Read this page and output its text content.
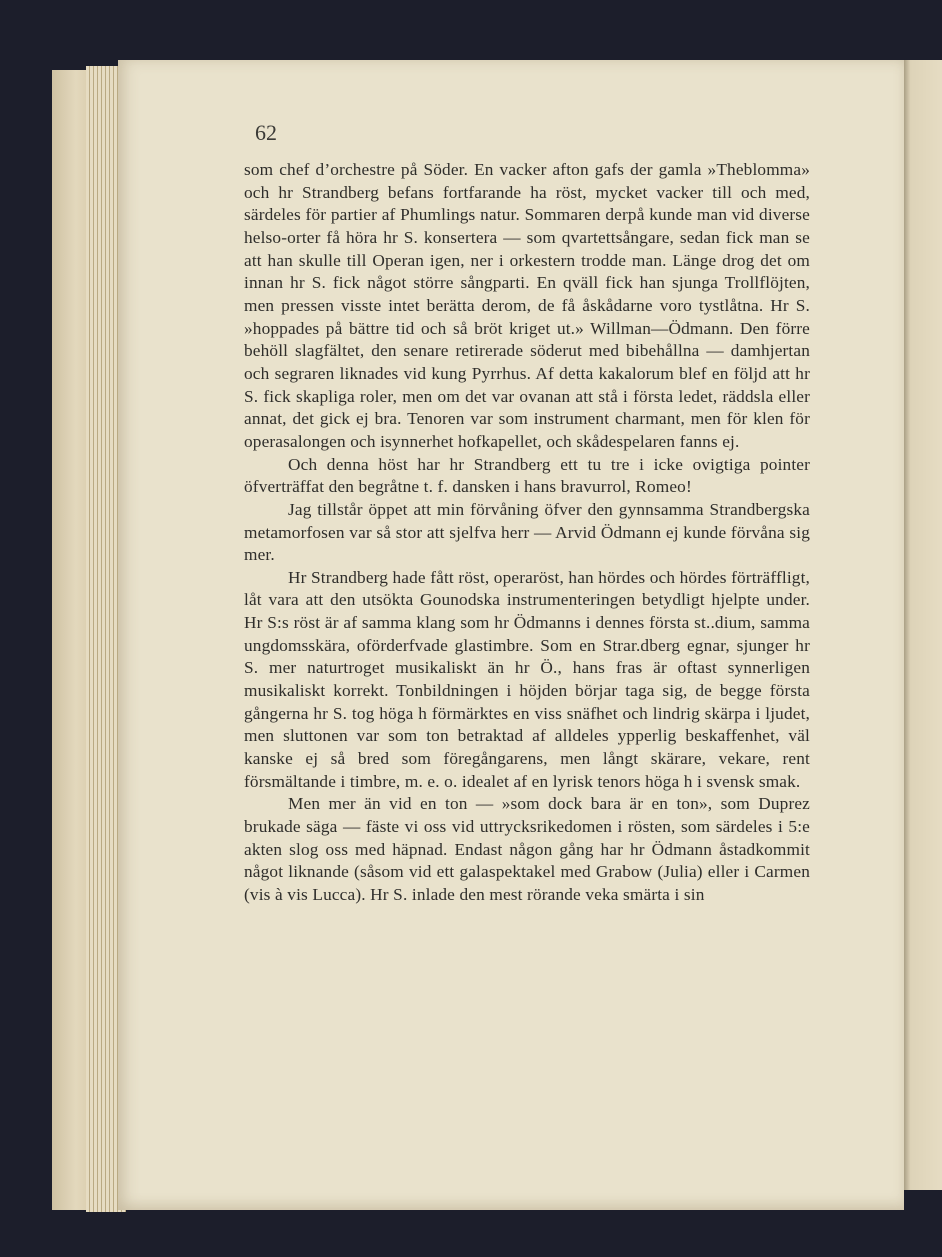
62

som chef d’orchestre på Söder. En vacker afton gafs der gamla »Theblomma» och hr Strandberg befans fortfarande ha röst, mycket vacker till och med, särdeles för partier af Phumlings natur. Sommaren derpå kunde man vid diverse helso-orter få höra hr S. konsertera — som qvartettsångare, sedan fick man se att han skulle till Operan igen, ner i orkestern trodde man. Länge drog det om innan hr S. fick något större sångparti. En qväll fick han sjunga Trollflöjten, men pressen visste intet berätta derom, de få åskådarne voro tystlåtna. Hr S. »hoppades på bättre tid och så bröt kriget ut.» Willman—Ödmann. Den förre behöll slagfältet, den senare retirerade söderut med bibehållna — damhjertan och segraren liknades vid kung Pyrrhus. Af detta kakalorum blef en följd att hr S. fick skapliga roler, men om det var ovanan att stå i första ledet, räddsla eller annat, det gick ej bra. Tenoren var som instrument charmant, men för klen för operasalongen och isynnerhet hofkapellet, och skådespelaren fanns ej.

Och denna höst har hr Strandberg ett tu tre i icke ovigtiga pointer öfverträffat den begråtne t. f. dansken i hans bravurrol, Romeo!

Jag tillstår öppet att min förvåning öfver den gynnsamma Strandbergska metamorfosen var så stor att sjelfva herr — Arvid Ödmann ej kunde förvåna sig mer.

Hr Strandberg hade fått röst, operaröst, han hördes och hördes förträffligt, låt vara att den utsökta Gounodska instrumenteringen betydligt hjelpte under. Hr S:s röst är af samma klang som hr Ödmanns i dennes första st..dium, samma ungdomsskära, oförderfvade glastimbre. Som en Strar.dberg egnar, sjunger hr S. mer naturtroget musikaliskt än hr Ö., hans fras är oftast synnerligen musikaliskt korrekt. Tonbildningen i höjden börjar taga sig, de begge första gångerna hr S. tog höga h förmärktes en viss snäfhet och lindrig skärpa i ljudet, men sluttonen var som ton betraktad af alldeles ypperlig beskaffenhet, väl kanske ej så bred som föregångarens, men långt skärare, vekare, rent försmältande i timbre, m. e. o. idealet af en lyrisk tenors höga h i svensk smak.

Men mer än vid en ton — »som dock bara är en ton», som Duprez brukade säga — fäste vi oss vid uttrycksrikedomen i rösten, som särdeles i 5:e akten slog oss med häpnad. Endast någon gång har hr Ödmann åstadkommit något liknande (såsom vid ett galaspektakel med Grabow (Julia) eller i Carmen (vis à vis Lucca). Hr S. inlade den mest rörande veka smärta i sin
